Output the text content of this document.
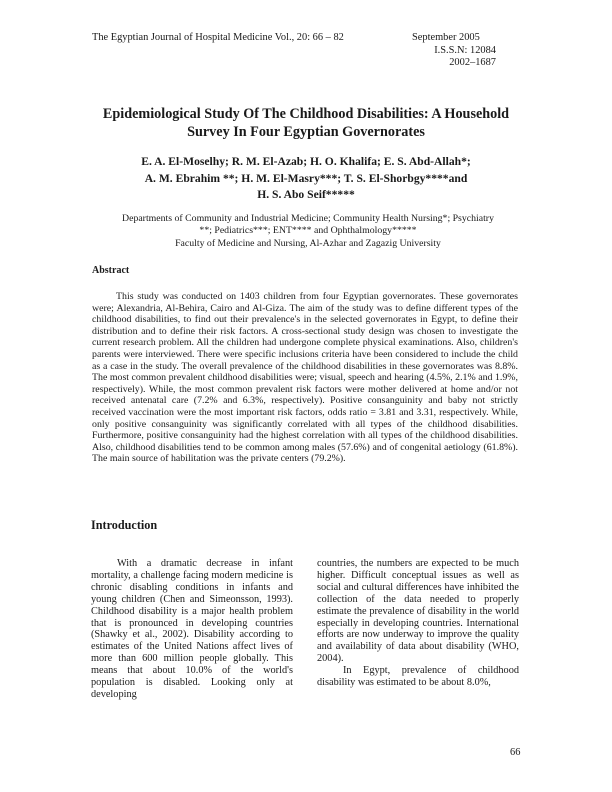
The Egyptian Journal of Hospital Medicine Vol., 20: 66 – 82	September 2005
I.S.S.N: 12084
2002–1687
Epidemiological Study Of The Childhood Disabilities: A Household Survey In Four Egyptian Governorates
E. A. El-Moselhy; R. M. El-Azab; H. O. Khalifa; E. S. Abd-Allah*;
A. M. Ebrahim **; H. M. El-Masry***; T. S. El-Shorbgy****and
H. S. Abo Seif*****
Departments of Community and Industrial Medicine; Community Health Nursing*; Psychiatry
**; Pediatrics***; ENT**** and Ophthalmology*****
Faculty of Medicine and Nursing, Al-Azhar and Zagazig University
Abstract

This study was conducted on 1403 children from four Egyptian governorates. These governorates were; Alexandria, Al-Behira, Cairo and Al-Giza. The aim of the study was to define different types of the childhood disabilities, to find out their prevalence's in the selected governorates in Egypt, to define their distribution and to define their risk factors. A cross-sectional study design was chosen to investigate the current research problem. All the children had undergone complete physical examinations. Also, children's parents were interviewed. There were specific inclusions criteria have been considered to include the child as a case in the study. The overall prevalence of the childhood disabilities in these governorates was 8.8%. The most common prevalent childhood disabilities were; visual, speech and hearing (4.5%, 2.1% and 1.9%, respectively). While, the most common prevalent risk factors were mother delivered at home and/or not received antenatal care (7.2% and 6.3%, respectively). Positive consanguinity and baby not strictly received vaccination were the most important risk factors, odds ratio = 3.81 and 3.31, respectively. While, only positive consanguinity was significantly correlated with all types of the childhood disabilities. Furthermore, positive consanguinity had the highest correlation with all types of the childhood disabilities. Also, childhood disabilities tend to be common among males (57.6%) and of congenital aetiology (61.8%). The main source of habilitation was the private centers (79.2%).

Introduction

With a dramatic decrease in infant mortality, a challenge facing modern medicine is chronic disabling conditions in infants and young children (Chen and Simeonsson, 1993). Childhood disability is a major health problem that is pronounced in developing countries (Shawky et al., 2002). Disability according to estimates of the United Nations affect lives of more than 600 million people globally. This means that about 10.0% of the world's population is disabled. Looking only at developing

countries, the numbers are expected to be much higher. Difficult conceptual issues as well as social and cultural differences have inhibited the collection of the data needed to properly estimate the prevalence of disability in the world especially in developing countries. International efforts are now underway to improve the quality and availability of data about disability (WHO, 2004).

In Egypt, prevalence of childhood disability was estimated to be about 8.0%,

66
